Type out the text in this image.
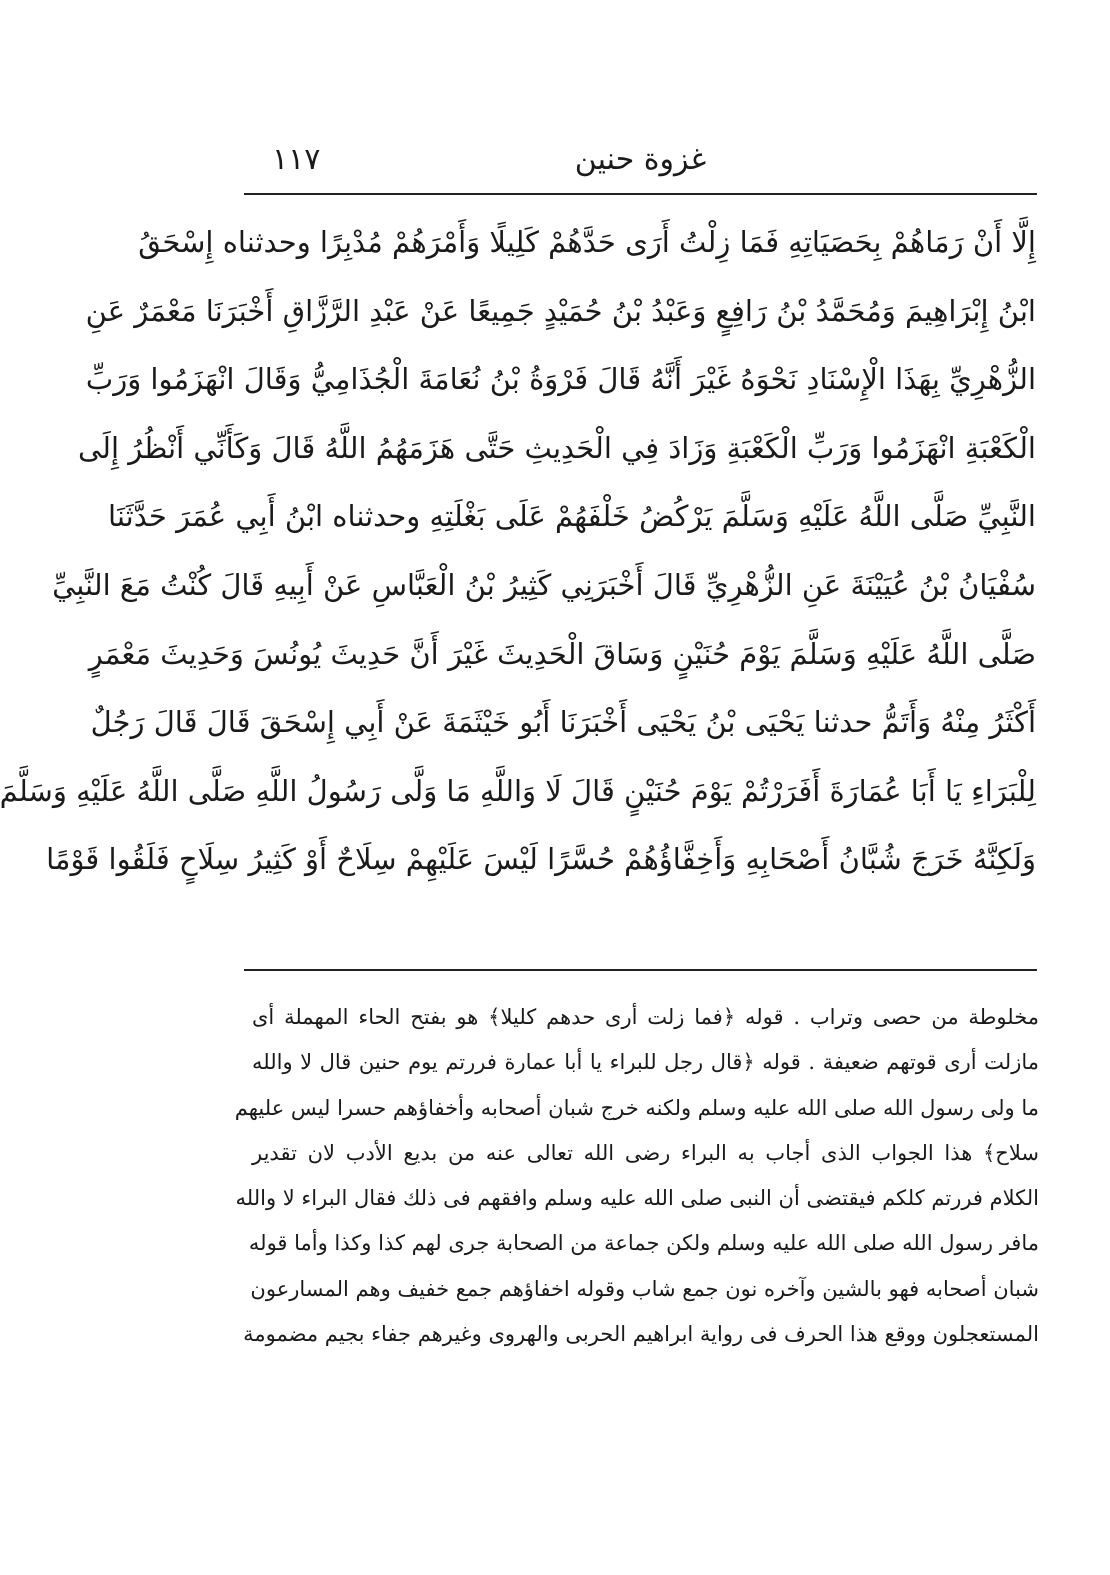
١١٧	غزوة حنين
إِلَّا أَنْ رَمَاهُمْ بِحَصَيَاتِهِ فَمَا زِلْتُ أَرَى حَدَّهُمْ كَلِيلًا وَأَمْرَهُمْ مُدْبِرًا وحدثناه إِسْحَقُ
ابْنُ إِبْرَاهِيمَ وَمُحَمَّدُ بْنُ رَافِعٍ وَعَبْدُ بْنُ حُمَيْدٍ جَمِيعًا عَنْ عَبْدِ الرَّزَّاقِ أَخْبَرَنَا مَعْمَرٌ عَنِ
الزُّهْرِيِّ بِهَذَا الْإِسْنَادِ نَحْوَهُ غَيْرَ أَنَّهُ قَالَ فَرْوَةُ بْنُ نُعَامَةَ الْجُذَامِيُّ وَقَالَ انْهَزَمُوا وَرَبِّ
الْكَعْبَةِ انْهَزَمُوا وَرَبِّ الْكَعْبَةِ وَزَادَ فِي الْحَدِيثِ حَتَّى هَزَمَهُمُ اللَّهُ قَالَ وَكَأَنِّي أَنْظُرُ إِلَى
النَّبِيِّ صَلَّى اللَّهُ عَلَيْهِ وَسَلَّمَ يَرْكُضُ خَلْفَهُمْ عَلَى بَغْلَتِهِ وحدثناه ابْنُ أَبِي عُمَرَ حَدَّثَنَا
سُفْيَانُ بْنُ عُيَيْنَةَ عَنِ الزُّهْرِيِّ قَالَ أَخْبَرَنِي كَثِيرُ بْنُ الْعَبَّاسِ عَنْ أَبِيهِ قَالَ كُنْتُ مَعَ النَّبِيِّ
صَلَّى اللَّهُ عَلَيْهِ وَسَلَّمَ يَوْمَ حُنَيْنٍ وَسَاقَ الْحَدِيثَ غَيْرَ أَنَّ حَدِيثَ يُونُسَ وَحَدِيثَ مَعْمَرٍ
أَكْثَرُ مِنْهُ وَأَتَمُّ حدثنا يَحْيَى بْنُ يَحْيَى أَخْبَرَنَا أَبُو خَيْثَمَةَ عَنْ أَبِي إِسْحَقَ قَالَ قَالَ رَجُلٌ
لِلْبَرَاءِ يَا أَبَا عُمَارَةَ أَفَرَرْتُمْ يَوْمَ حُنَيْنٍ قَالَ لَا وَاللَّهِ مَا وَلَّى رَسُولُ اللَّهِ صَلَّى اللَّهُ عَلَيْهِ وَسَلَّمَ
وَلَكِنَّهُ خَرَجَ شُبَّانُ أَصْحَابِهِ وَأَخِفَّاؤُهُمْ حُسَّرًا لَيْسَ عَلَيْهِمْ سِلَاحٌ أَوْ كَثِيرُ سِلَاحٍ فَلَقُوا قَوْمًا
مخلوطة من حصى وتراب . قوله ﴿فما زلت أرى حدهم كليلا﴾ هو بفتح الحاء المهملة أى
مازلت أرى قوتهم ضعيفة . قوله ﴿قال رجل للبراء يا أبا عمارة فررتم يوم حنين قال لا والله
ما ولى رسول الله صلى الله عليه وسلم ولكنه خرج شبان أصحابه وأخفاؤهم حسرا ليس عليهم
سلاح﴾ هذا الجواب الذى أجاب به البراء رضى الله تعالى عنه من بديع الأدب لان تقدير
الكلام فررتم كلكم فيقتضى أن النبى صلى الله عليه وسلم وافقهم فى ذلك فقال البراء لا والله
مافر رسول الله صلى الله عليه وسلم ولكن جماعة من الصحابة جرى لهم كذا وكذا وأما قوله
شبان أصحابه فهو بالشين وآخره نون جمع شاب وقوله اخفاؤهم جمع خفيف وهم المسارعون
المستعجلون ووقع هذا الحرف فى رواية ابراهيم الحربى والهروى وغيرهم جفاء بجيم مضمومة
